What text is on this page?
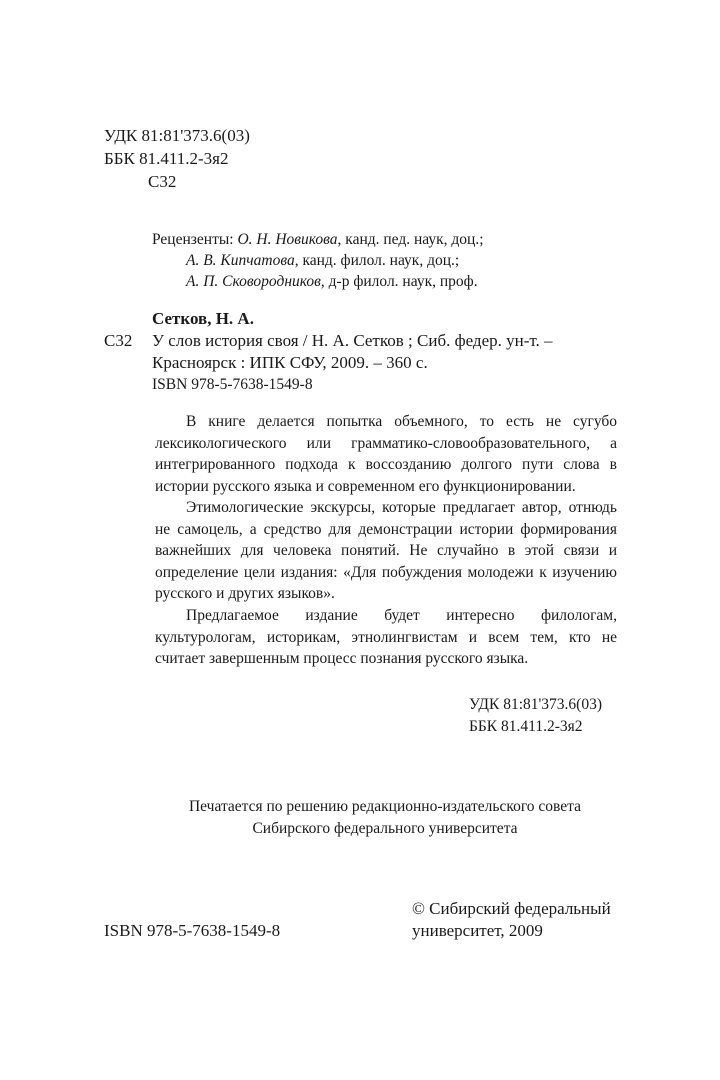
УДК 81:81'373.6(03)
ББК 81.411.2-3я2
С32
Рецензенты: О. Н. Новикова, канд. пед. наук, доц.;
А. В. Кипчатова, канд. филол. наук, доц.;
А. П. Сковородников, д-р филол. наук, проф.
Сетков, Н. А.
С32 У слов история своя / Н. А. Сетков ; Сиб. федер. ун-т. –
Красноярск : ИПК СФУ, 2009. – 360 с.
ISBN 978-5-7638-1549-8

В книге делается попытка объемного, то есть не сугубо лексикологического или грамматико-словообразовательного, а интегрированного подхода к воссозданию долгого пути слова в истории русского языка и современном его функционировании.

Этимологические экскурсы, которые предлагает автор, отнюдь не самоцель, а средство для демонстрации истории формирования важнейших для человека понятий. Не случайно в этой связи и определение цели издания: «Для побуждения молодежи к изучению русского и других языков».

Предлагаемое издание будет интересно филологам, культурологам, историкам, этнолингвистам и всем тем, кто не считает завершенным процесс познания русского языка.

УДК 81:81'373.6(03)
ББК 81.411.2-3я2
Печатается по решению редакционно-издательского совета
Сибирского федерального университета
ISBN 978-5-7638-1549-8
© Сибирский федеральный
университет, 2009
